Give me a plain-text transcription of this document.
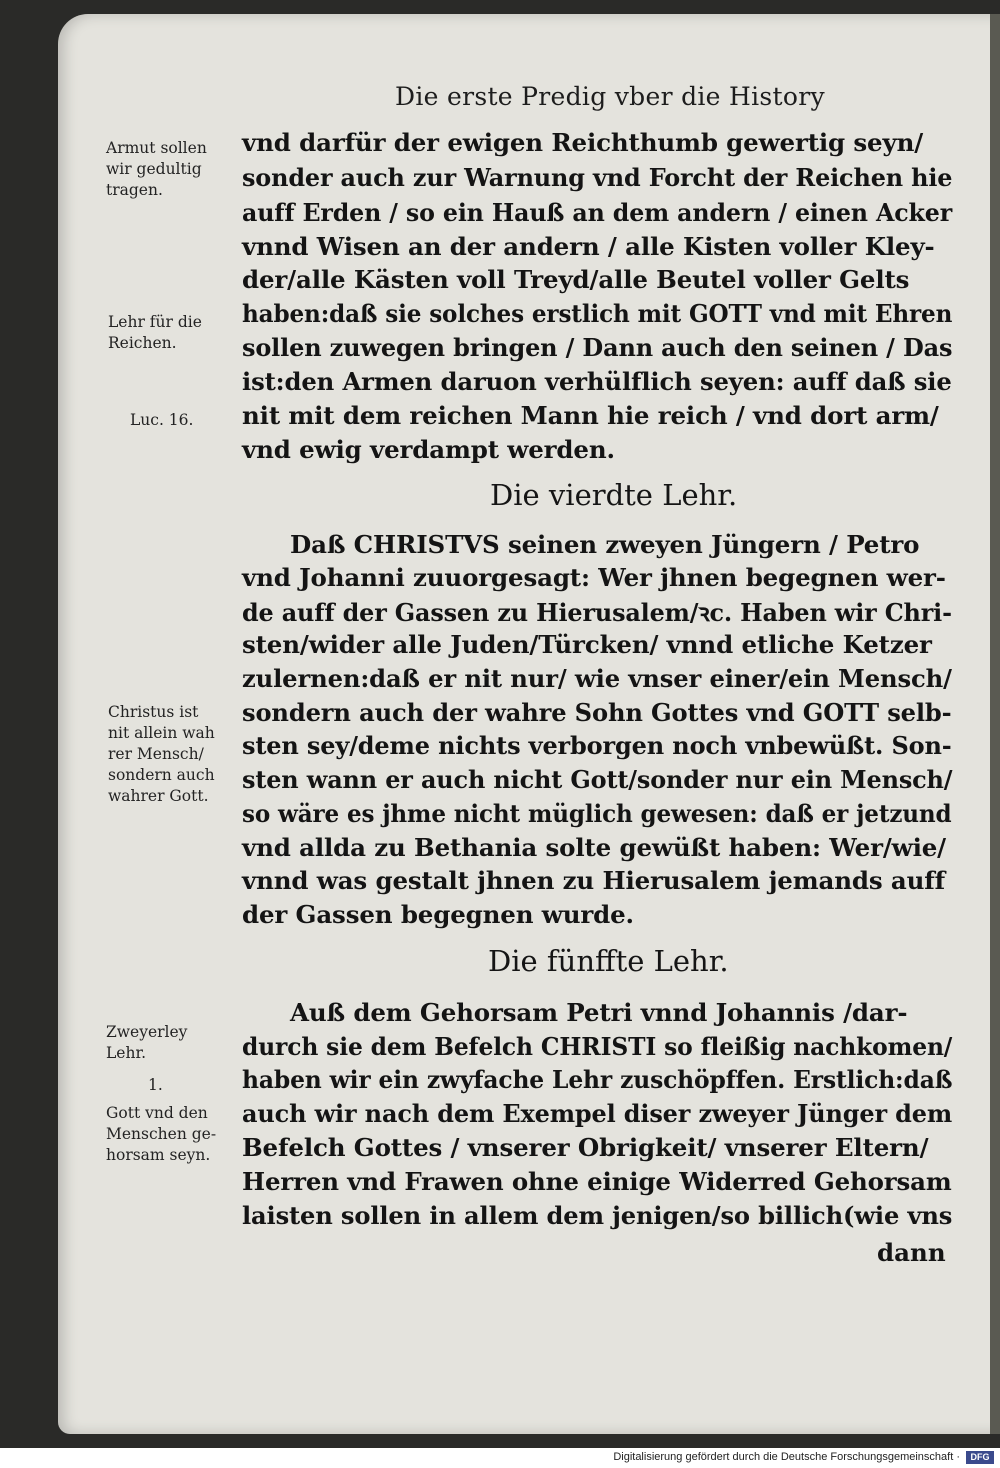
Die erste Predig vber die History
vnd darfür der ewigen Reichthumb gewertig seyn/
sonder auch zur Warnung vnd Forcht der Reichen hie
auff Erden / so ein Hauß an dem andern / einen Acker
vnnd Wisen an der andern / alle Kisten voller Kley-
der/alle Kästen voll Treyd/alle Beutel voller Gelts
haben:daß sie solches erstlich mit GOTT vnd mit Ehren
sollen zuwegen bringen / Dann auch den seinen / Das
ist:den Armen daruon verhülflich seyen: auff daß sie
nit mit dem reichen Mann hie reich / vnd dort arm/
vnd ewig verdampt werden.
Die vierdte Lehr.
Daß CHRISTVS seinen zweyen Jüngern / Petro
vnd Johanni zuuorgesagt: Wer jhnen begegnen wer-
de auff der Gassen zu Hierusalem/ꝛc. Haben wir Chri-
sten/wider alle Juden/Türcken/ vnnd etliche Ketzer
zulernen:daß er nit nur/ wie vnser einer/ein Mensch/
sondern auch der wahre Sohn Gottes vnd GOTT selb-
sten sey/deme nichts verborgen noch vnbewüßt. Son-
sten wann er auch nicht Gott/sonder nur ein Mensch/
so wäre es jhme nicht müglich gewesen: daß er jetzund
vnd allda zu Bethania solte gewüßt haben: Wer/wie/
vnnd was gestalt jhnen zu Hierusalem jemands auff
der Gassen begegnen wurde.
Die fünffte Lehr.
Auß dem Gehorsam Petri vnnd Johannis /dar-
durch sie dem Befelch CHRISTI so fleißig nachkomen/
haben wir ein zwyfache Lehr zuschöpffen. Erstlich:daß
auch wir nach dem Exempel diser zweyer Jünger dem
Befelch Gottes / vnserer Obrigkeit/ vnserer Eltern/
Herren vnd Frawen ohne einige Widerred Gehorsam
laisten sollen in allem dem jenigen/so billich(wie vns
dann
Armut sollen
wir gedultig
tragen.
Lehr für die
Reichen.
Luc. 16.
Christus ist
nit allein wah
rer Mensch/
sondern auch
wahrer Gott.
Zweyerley
Lehr.
1.
Gott vnd den
Menschen ge-
horsam seyn.
Digitalisierung gefördert durch die Deutsche Forschungsgemeinschaft ·	DFG
